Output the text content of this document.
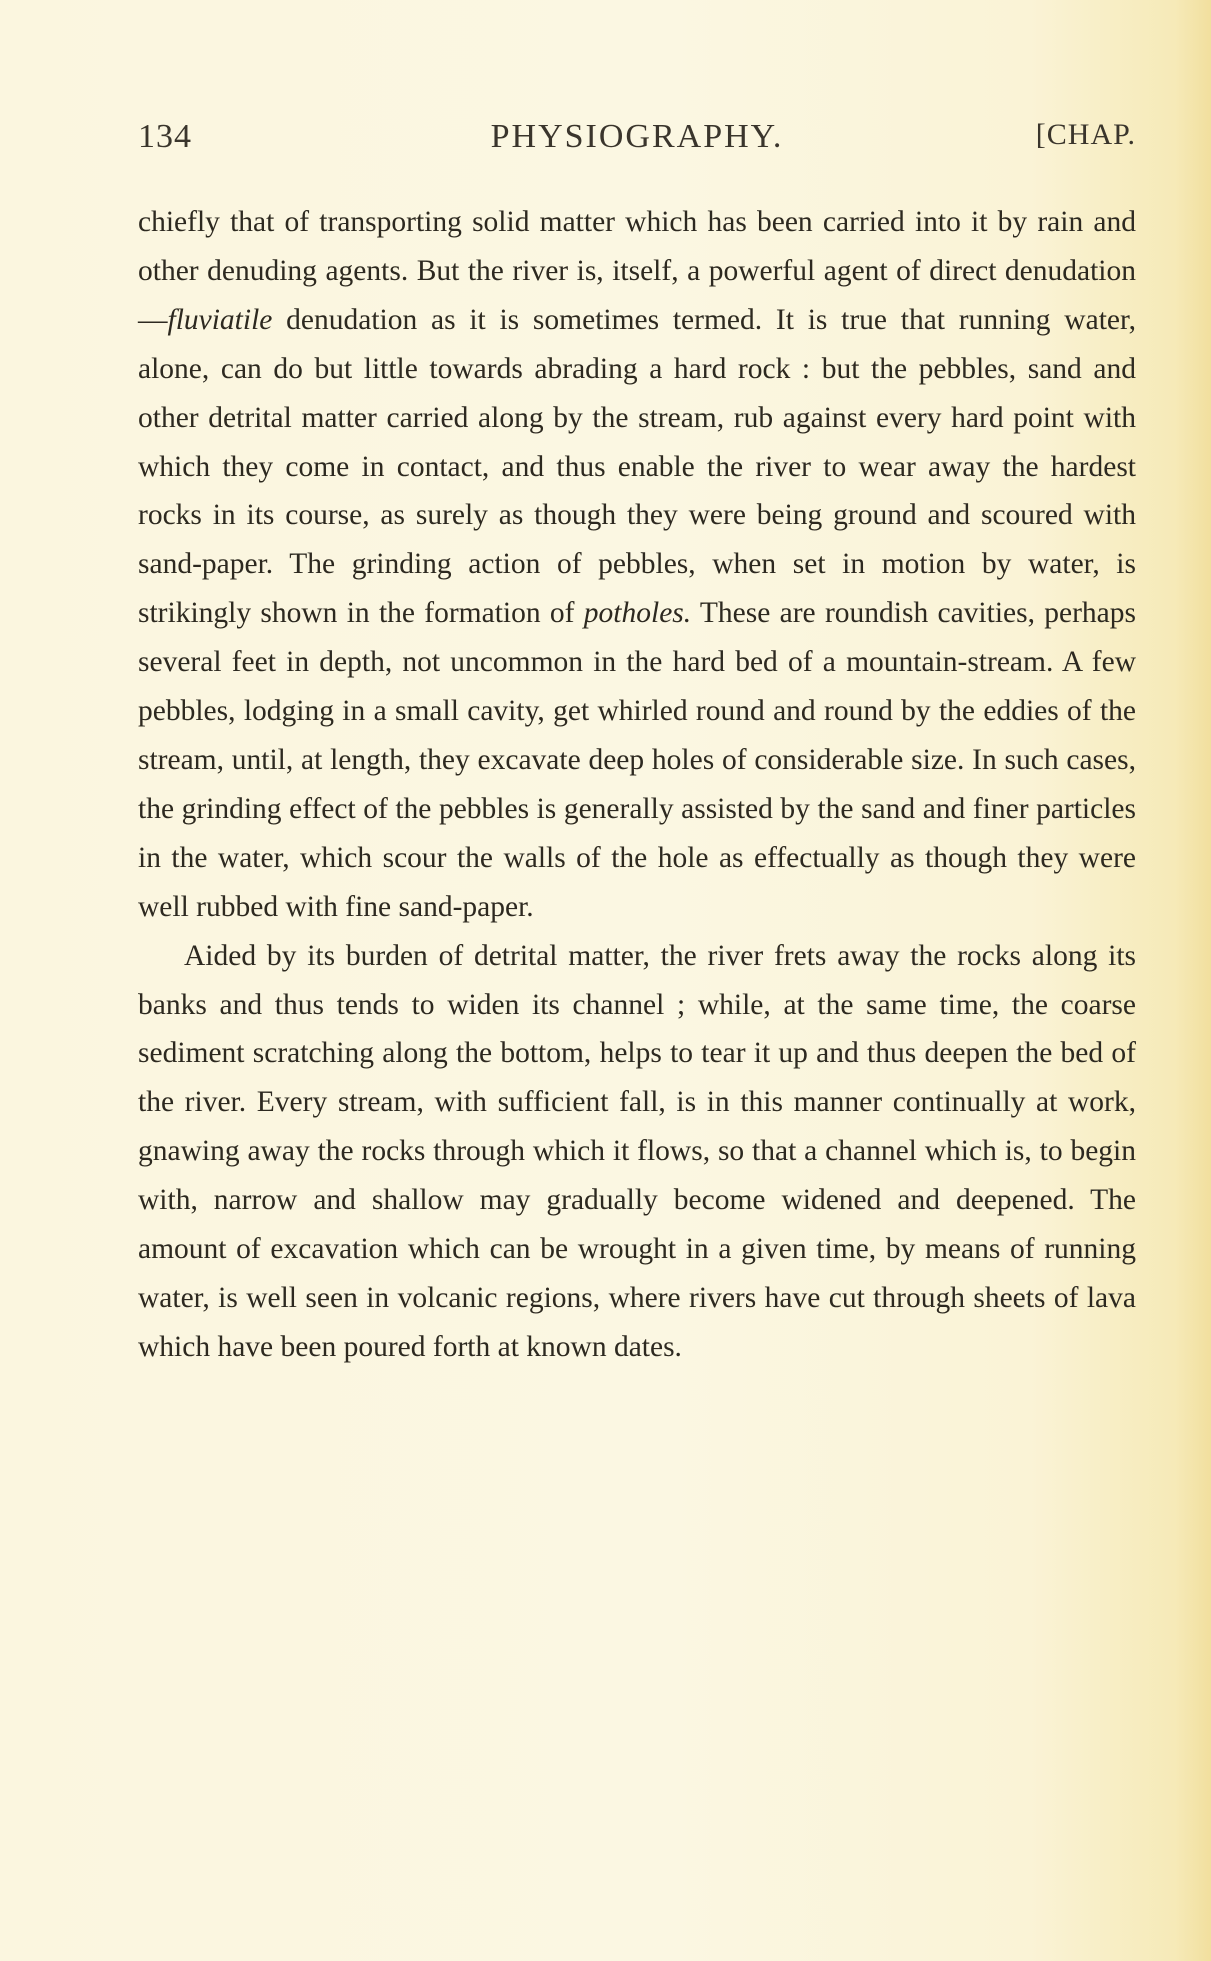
134	PHYSIOGRAPHY.	[CHAP.

chiefly that of transporting solid matter which has been carried into it by rain and other denuding agents. But the river is, itself, a powerful agent of direct denudation—fluviatile denudation as it is sometimes termed. It is true that running water, alone, can do but little towards abrading a hard rock : but the pebbles, sand and other detrital matter carried along by the stream, rub against every hard point with which they come in contact, and thus enable the river to wear away the hardest rocks in its course, as surely as though they were being ground and scoured with sand-paper. The grinding action of pebbles, when set in motion by water, is strikingly shown in the formation of potholes. These are roundish cavities, perhaps several feet in depth, not uncommon in the hard bed of a mountain-stream. A few pebbles, lodging in a small cavity, get whirled round and round by the eddies of the stream, until, at length, they excavate deep holes of considerable size. In such cases, the grinding effect of the pebbles is generally assisted by the sand and finer particles in the water, which scour the walls of the hole as effectually as though they were well rubbed with fine sand-paper.

Aided by its burden of detrital matter, the river frets away the rocks along its banks and thus tends to widen its channel ; while, at the same time, the coarse sediment scratching along the bottom, helps to tear it up and thus deepen the bed of the river. Every stream, with sufficient fall, is in this manner continually at work, gnawing away the rocks through which it flows, so that a channel which is, to begin with, narrow and shallow may gradually become widened and deepened. The amount of excavation which can be wrought in a given time, by means of running water, is well seen in volcanic regions, where rivers have cut through sheets of lava which have been poured forth at known dates.
